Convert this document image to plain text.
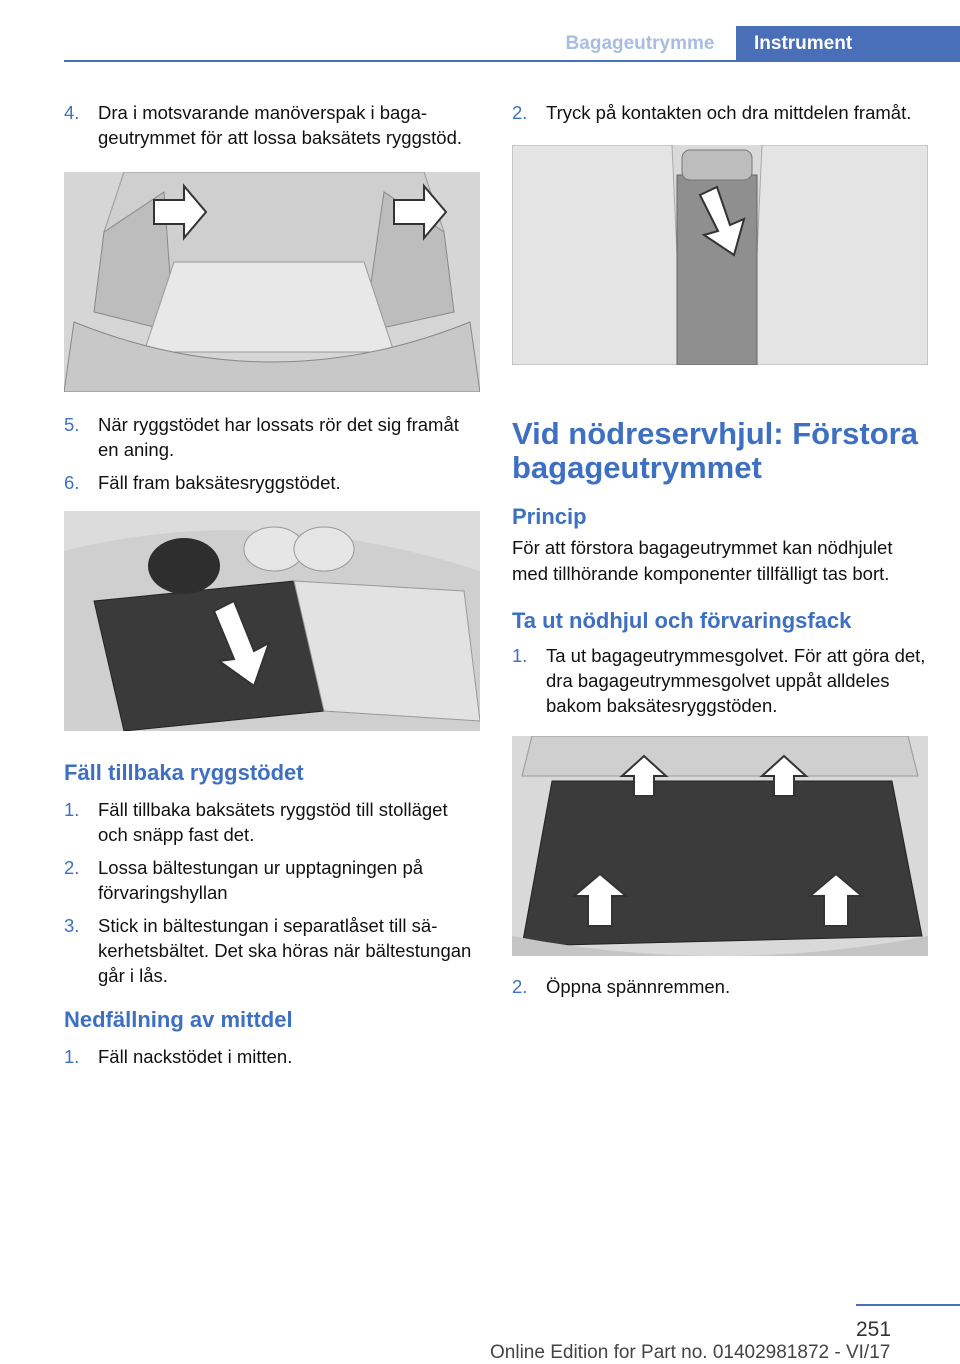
Bagageutrymme	Instrument
4.	Dra i motsvarande manöverspak i bagageutrymmet för att lossa baksätets ryggstöd.
5.	När ryggstödet har lossats rör det sig framåt en aning.
6.	Fäll fram baksätesryggstödet.
Fäll tillbaka ryggstödet
1.	Fäll tillbaka baksätets ryggstöd till stolläget och snäpp fast det.
2.	Lossa bältestungan ur upptagningen på förvaringshyllan
3.	Stick in bältestungan i separatlåset till säkerhetsbältet. Det ska höras när bältestungan går i lås.
Nedfällning av mittdel
1.	Fäll nackstödet i mitten.
2.	Tryck på kontakten och dra mittdelen framåt.
Vid nödreservhjul: Förstora bagageutrymmet
Princip

För att förstora bagageutrymmet kan nödhjulet med tillhörande komponenter tillfälligt tas bort.

Ta ut nödhjul och förvaringsfack
1.	Ta ut bagageutrymmesgolvet. För att göra det, dra bagageutrymmesgolvet uppåt alldeles bakom baksätesryggstöden.
2.	Öppna spännremmen.
251
Online Edition for Part no. 01402981872 - VI/17
